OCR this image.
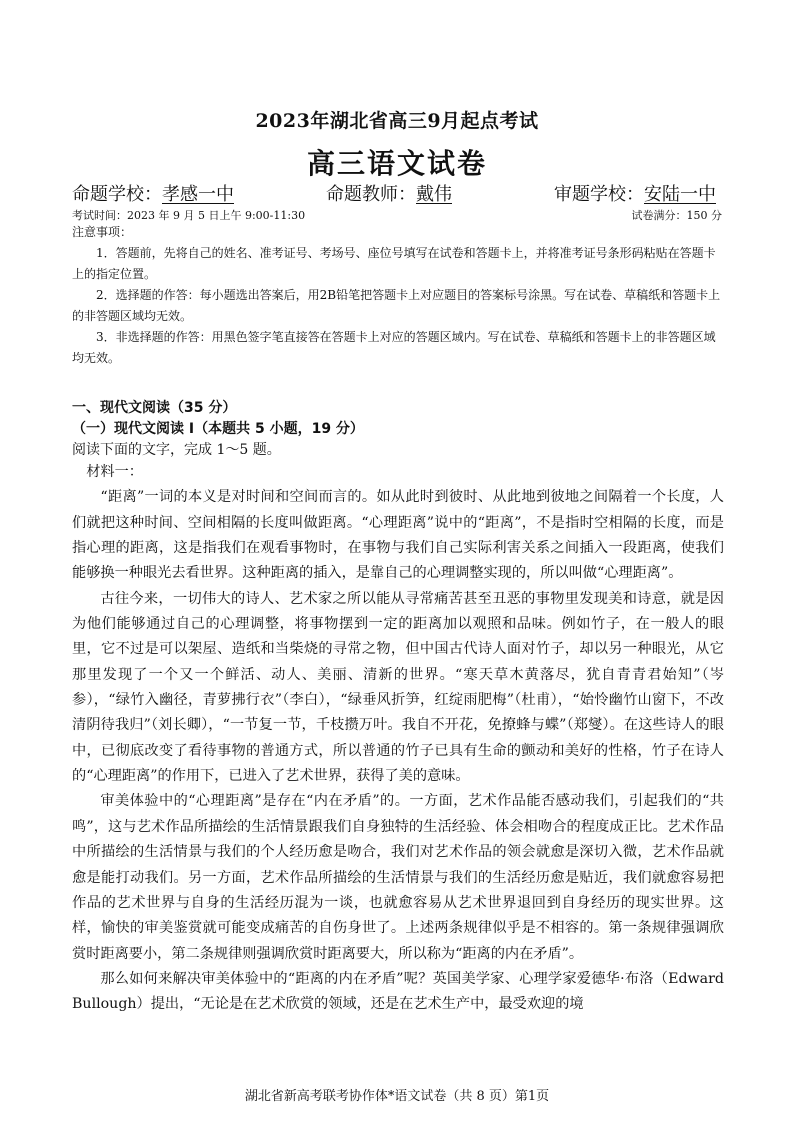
2023年湖北省高三9月起点考试
高三语文试卷
命题学校：孝感一中	命题教师：戴伟	审题学校：安陆一中
考试时间：2023 年 9 月 5 日上午 9:00-11:30	试卷满分：150 分

注意事项：

1．答题前，先将自己的姓名、准考证号、考场号、座位号填写在试卷和答题卡上，并将准考证号条形码粘贴在答题卡上的指定位置。

2．选择题的作答：每小题选出答案后，用2B铅笔把答题卡上对应题目的答案标号涂黑。写在试卷、草稿纸和答题卡上的非答题区域均无效。

3．非选择题的作答：用黑色签字笔直接答在答题卡上对应的答题区域内。写在试卷、草稿纸和答题卡上的非答题区域均无效。

一、现代文阅读（35 分）
（一）现代文阅读 I（本题共 5 小题，19 分）
阅读下面的文字，完成 1～5 题。

材料一：

“距离”一词的本义是对时间和空间而言的。如从此时到彼时、从此地到彼地之间隔着一个长度，人们就把这种时间、空间相隔的长度叫做距离。“心理距离”说中的“距离”，不是指时空相隔的长度，而是指心理的距离，这是指我们在观看事物时，在事物与我们自己实际利害关系之间插入一段距离，使我们能够换一种眼光去看世界。这种距离的插入，是靠自己的心理调整实现的，所以叫做“心理距离”。

古往今来，一切伟大的诗人、艺术家之所以能从寻常痛苦甚至丑恶的事物里发现美和诗意，就是因为他们能够通过自己的心理调整，将事物摆到一定的距离加以观照和品味。例如竹子，在一般人的眼里，它不过是可以架屋、造纸和当柴烧的寻常之物，但中国古代诗人面对竹子，却以另一种眼光，从它那里发现了一个又一个鲜活、动人、美丽、清新的世界。“寒天草木黄落尽，犹自青青君始知”（岑参），“绿竹入幽径，青萝拂行衣”（李白），“绿垂风折笋，红绽雨肥梅”（杜甫），“始怜幽竹山窗下，不改清阴待我归”（刘长卿），“一节复一节，千枝攒万叶。我自不开花，免撩蜂与蝶”（郑燮）。在这些诗人的眼中，已彻底改变了看待事物的普通方式，所以普通的竹子已具有生命的颤动和美好的性格，竹子在诗人的“心理距离”的作用下，已进入了艺术世界，获得了美的意味。

审美体验中的“心理距离”是存在“内在矛盾”的。一方面，艺术作品能否感动我们，引起我们的“共鸣”，这与艺术作品所描绘的生活情景跟我们自身独特的生活经验、体会相吻合的程度成正比。艺术作品中所描绘的生活情景与我们的个人经历愈是吻合，我们对艺术作品的领会就愈是深切入微，艺术作品就愈是能打动我们。另一方面，艺术作品所描绘的生活情景与我们的生活经历愈是贴近，我们就愈容易把作品的艺术世界与自身的生活经历混为一谈，也就愈容易从艺术世界退回到自身经历的现实世界。这样，愉快的审美鉴赏就可能变成痛苦的自伤身世了。上述两条规律似乎是不相容的。第一条规律强调欣赏时距离要小，第二条规律则强调欣赏时距离要大，所以称为“距离的内在矛盾”。

那么如何来解决审美体验中的“距离的内在矛盾”呢？英国美学家、心理学家爱德华·布洛（Edward Bullough）提出，“无论是在艺术欣赏的领域，还是在艺术生产中，最受欢迎的境

湖北省新高考联考协作体*语文试卷（共 8 页）第1页
